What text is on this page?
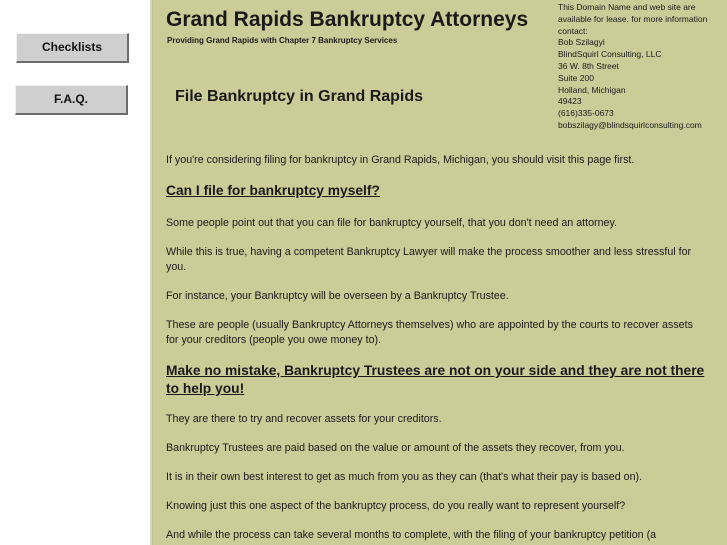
Checklists
F.A.Q.
Grand Rapids Bankruptcy Attorneys

Providing Grand Rapids with Chapter 7 Bankruptcy Services

This Domain Name and web site are available for lease. for more information contact:
Bob Szilagyi
BlindSquirl Consulting, LLC
36 W. 8th Street
Suite 200
Holland, Michigan
49423
(616)335-0673
bobszilagy@blindsquirlconsulting.com
File Bankruptcy in Grand Rapids

If you're considering filing for bankruptcy in Grand Rapids, Michigan, you should visit this page first.

Can I file for bankruptcy myself?

Some people point out that you can file for bankruptcy yourself, that you don't need an attorney.

While this is true, having a competent Bankruptcy Lawyer will make the process smoother and less stressful for you.

For instance, your Bankruptcy will be overseen by a Bankruptcy Trustee.

These are people (usually Bankruptcy Attorneys themselves) who are appointed by the courts to recover assets for your creditors (people you owe money to).

Make no mistake, Bankruptcy Trustees are not on your side and they are not there to help you!

They are there to try and recover assets for your creditors.

Bankruptcy Trustees are paid based on the value or amount of the assets they recover, from you.

It is in their own best interest to get as much from you as they can (that's what their pay is based on).

Knowing just this one aspect of the bankruptcy process, do you really want to represent yourself?

And while the process can take several months to complete, with the filing of your bankruptcy petition (a
